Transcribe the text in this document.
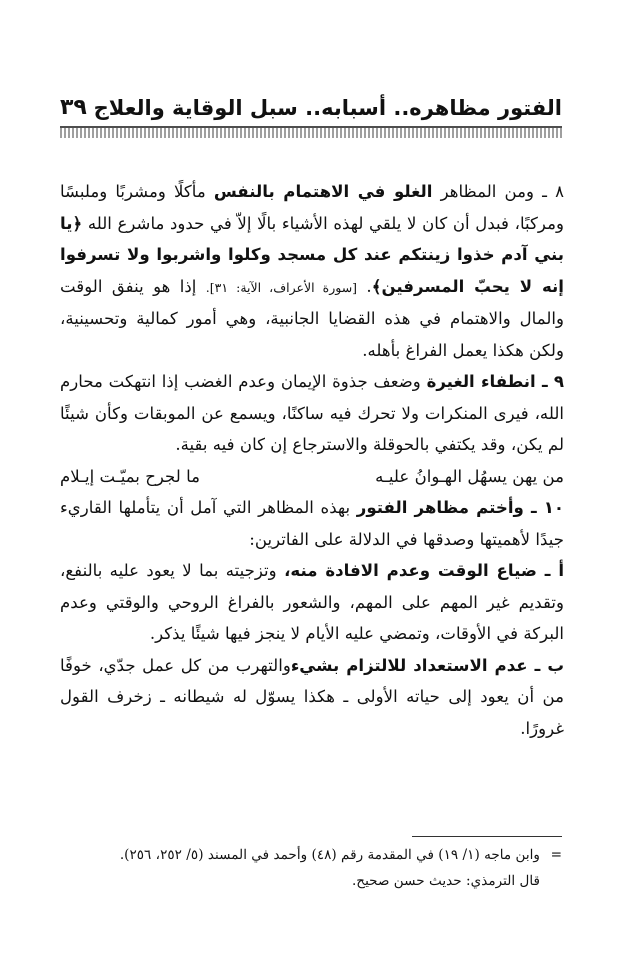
الفتور مظاهره.. أسبابه.. سبل الوقاية والعلاج
٣٩

٨ ـ ومن المظاهر الغلو في الاهتمام بالنفس مأكلًا ومشربًا وملبسًا ومركبًا، فبدل أن كان لا يلقي لهذه الأشياء بالًا إلاّ في حدود ماشرع الله ﴿يا بني آدم خذوا زينتكم عند كل مسجد وكلوا واشربوا ولا تسرفوا إنه لا يحبّ المسرفين﴾. [سورة الأعراف، الآية: ٣١]. إذا هو ينفق الوقت والمال والاهتمام في هذه القضايا الجانبية، وهي أمور كمالية وتحسينية، ولكن هكذا يعمل الفراغ بأهله.

٩ ـ انطفاء الغيرة وضعف جذوة الإيمان وعدم الغضب إذا انتهكت محارم الله، فيرى المنكرات ولا تحرك فيه ساكنًا، ويسمع عن الموبقات وكأن شيئًا لم يكن، وقد يكتفي بالحوقلة والاسترجاع إن كان فيه بقية.

من يهن يسهُل الهـوانُ عليـه
ما لجرح بميّـت إيـلام

١٠ ـ وأختم مظاهر الفتور بهذه المظاهر التي آمل أن يتأملها القاريء جيدًا لأهميتها وصدقها في الدلالة على الفاترين:

أ ـ ضياع الوقت وعدم الافادة منه، وتزجيته بما لا يعود عليه بالنفع، وتقديم غير المهم على المهم، والشعور بالفراغ الروحي والوقتي وعدم البركة في الأوقات، وتمضي عليه الأيام لا ينجز فيها شيئًا يذكر.

ب ـ عدم الاستعداد للالتزام بشيءوالتهرب من كل عمل جدّي، خوفًا من أن يعود إلى حياته الأولى ـ هكذا يسوّل له شيطانه ـ زخرف القول غرورًا.

=وابن ماجه (١/ ١٩) في المقدمة رقم (٤٨) وأحمد في المسند (٥/ ٢٥٢، ٢٥٦).

قال الترمذي: حديث حسن صحيح.
